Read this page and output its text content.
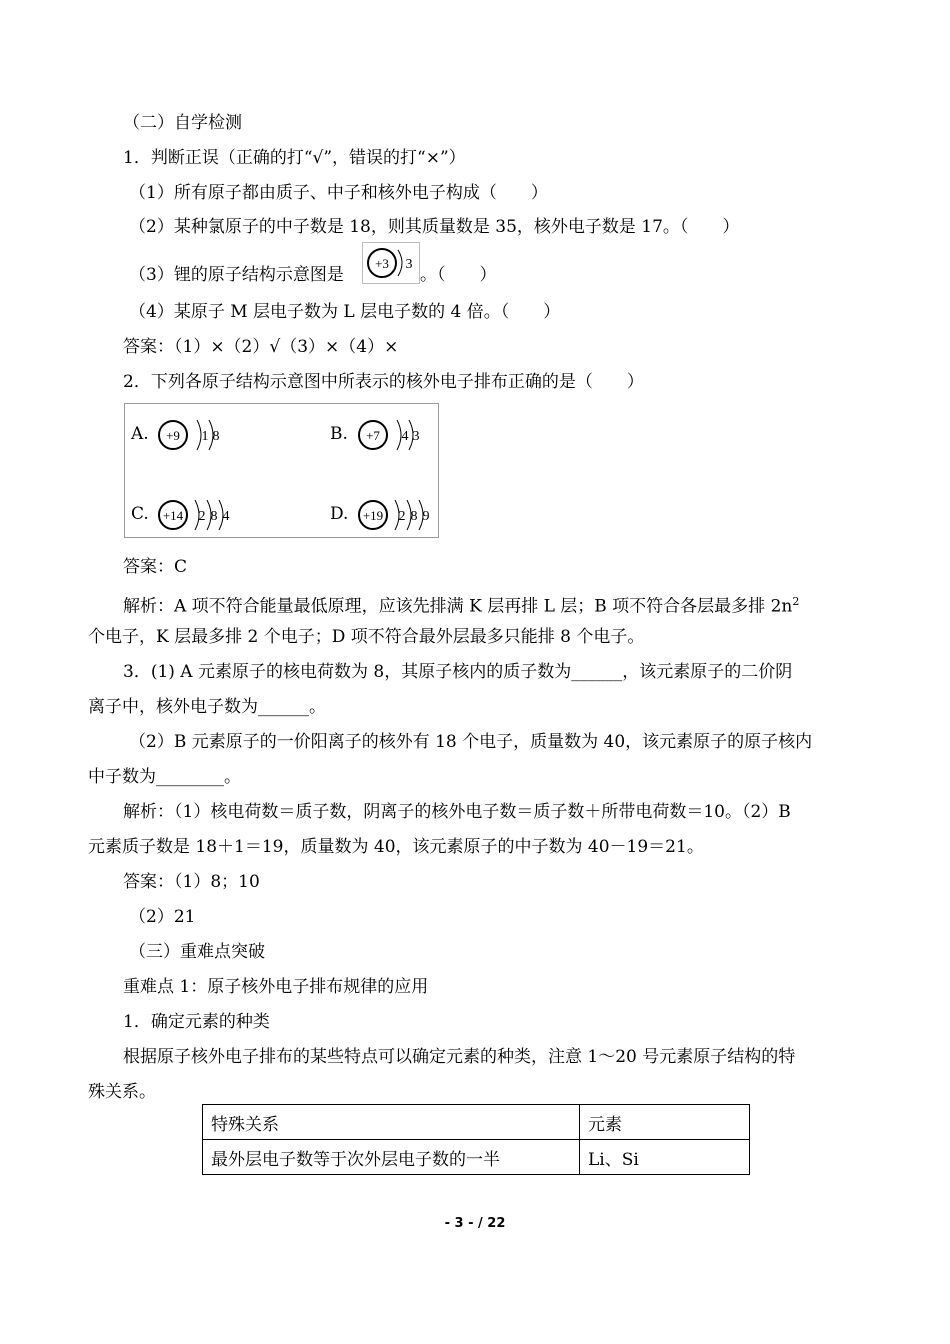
（二）自学检测
1．判断正误（正确的打“√”，错误的打“×”）
（1）所有原子都由质子、中子和核外电子构成（　　）
（2）某种氯原子的中子数是 18，则其质量数是 35，核外电子数是 17。（　　）
（3）锂的原子结构示意图是
+3 3
。（　　）
（4）某原子 M 层电子数为 L 层电子数的 4 倍。（　　）
答案：（1）×（2）√（3）×（4）×
2．下列各原子结构示意图中所表示的核外电子排布正确的是（　　）
A. +9 1 8	B. +7 4 3
C. +14 2 8 4	D. +19 2 8 9
答案：C
解析：A 项不符合能量最低原理，应该先排满 K 层再排 L 层；B 项不符合各层最多排 $2n^2$
个电子，K 层最多排 2 个电子；D 项不符合最外层最多只能排 8 个电子。
3．(1) A 元素原子的核电荷数为 8，其原子核内的质子数为______，该元素原子的二价阴
离子中，核外电子数为______。
（2）B 元素原子的一价阳离子的核外有 18 个电子，质量数为 40，该元素原子的原子核内
中子数为________。
解析：（1）核电荷数＝质子数，阴离子的核外电子数＝质子数＋所带电荷数＝10。（2）B
元素质子数是 18＋1＝19，质量数为 40，该元素原子的中子数为 40－19＝21。
答案：（1）8；10
（2）21
（三）重难点突破
重难点 1：原子核外电子排布规律的应用
1．确定元素的种类
根据原子核外电子排布的某些特点可以确定元素的种类，注意 1～20 号元素原子结构的特
殊关系。
特殊关系	元素
最外层电子数等于次外层电子数的一半	Li、Si
- 3 - / 22
